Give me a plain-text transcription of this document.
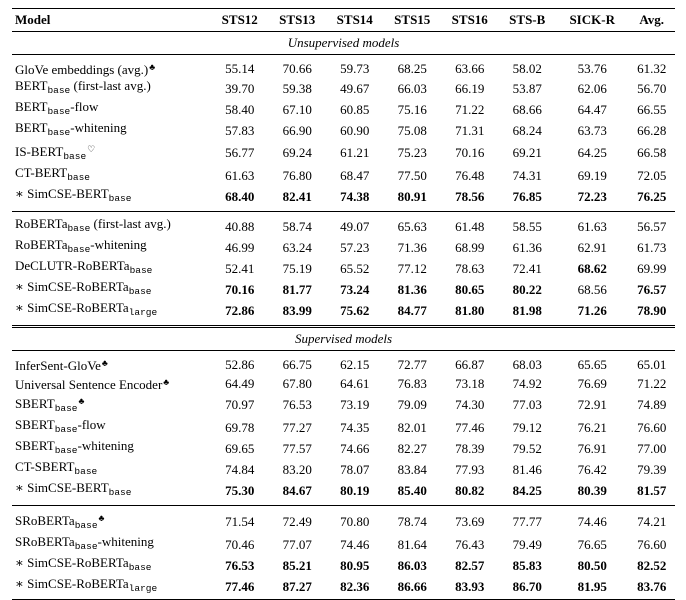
Model	STS12	STS13	STS14	STS15	STS16	STS-B	SICK-R	Avg.
Unsupervised models								

GloVe embeddings (avg.)♣	55.14	70.66	59.73	68.25	63.66	58.02	53.76	61.32
$BERT_{base}$ (first-last avg.)	39.70	59.38	49.67	66.03	66.19	53.87	62.06	56.70
$BERT_{base}$-flow	58.40	67.10	60.85	75.16	71.22	68.66	64.47	66.55
$BERT_{base}$-whitening	57.83	66.90	60.90	75.08	71.31	68.24	63.73	66.28
$IS-BERT_{base}^♡$	56.77	69.24	61.21	75.23	70.16	69.21	64.25	66.58
$CT-BERT_{base}$	61.63	76.80	68.47	77.50	76.48	74.31	69.19	72.05
∗ SimCSE-$BERT_{base}$	68.40	82.41	74.38	80.91	78.56	76.85	72.23	76.25

RoBERTa$_{base}$ (first-last avg.)	40.88	58.74	49.07	65.63	61.48	58.55	61.63	56.57
RoBERTa$_{base}$-whitening	46.99	63.24	57.23	71.36	68.99	61.36	62.91	61.73
DeCLUTR-RoBERTa$_{base}$	52.41	75.19	65.52	77.12	78.63	72.41	68.62	69.99
∗ SimCSE-RoBERTa$_{base}$	70.16	81.77	73.24	81.36	80.65	80.22	68.56	76.57
∗ SimCSE-RoBERTa$_{large}$	72.86	83.99	75.62	84.77	81.80	81.98	71.26	78.90

Supervised models								

InferSent-GloVe♣	52.86	66.75	62.15	72.77	66.87	68.03	65.65	65.01
Universal Sentence Encoder♣	64.49	67.80	64.61	76.83	73.18	74.92	76.69	71.22
$SBERT_{base}^♣$	70.97	76.53	73.19	79.09	74.30	77.03	72.91	74.89
$SBERT_{base}$-flow	69.78	77.27	74.35	82.01	77.46	79.12	76.21	76.60
$SBERT_{base}$-whitening	69.65	77.57	74.66	82.27	78.39	79.52	76.91	77.00
$CT-SBERT_{base}$	74.84	83.20	78.07	83.84	77.93	81.46	76.42	79.39
∗ SimCSE-$BERT_{base}$	75.30	84.67	80.19	85.40	80.82	84.25	80.39	81.57

SRoBERTa$_{base}$♣	71.54	72.49	70.80	78.74	73.69	77.77	74.46	74.21
SRoBERTa$_{base}$-whitening	70.46	77.07	74.46	81.64	76.43	79.49	76.65	76.60
∗ SimCSE-RoBERTa$_{base}$	76.53	85.21	80.95	86.03	82.57	85.83	80.50	82.52
∗ SimCSE-RoBERTa$_{large}$	77.46	87.27	82.36	86.66	83.93	86.70	81.95	83.76
